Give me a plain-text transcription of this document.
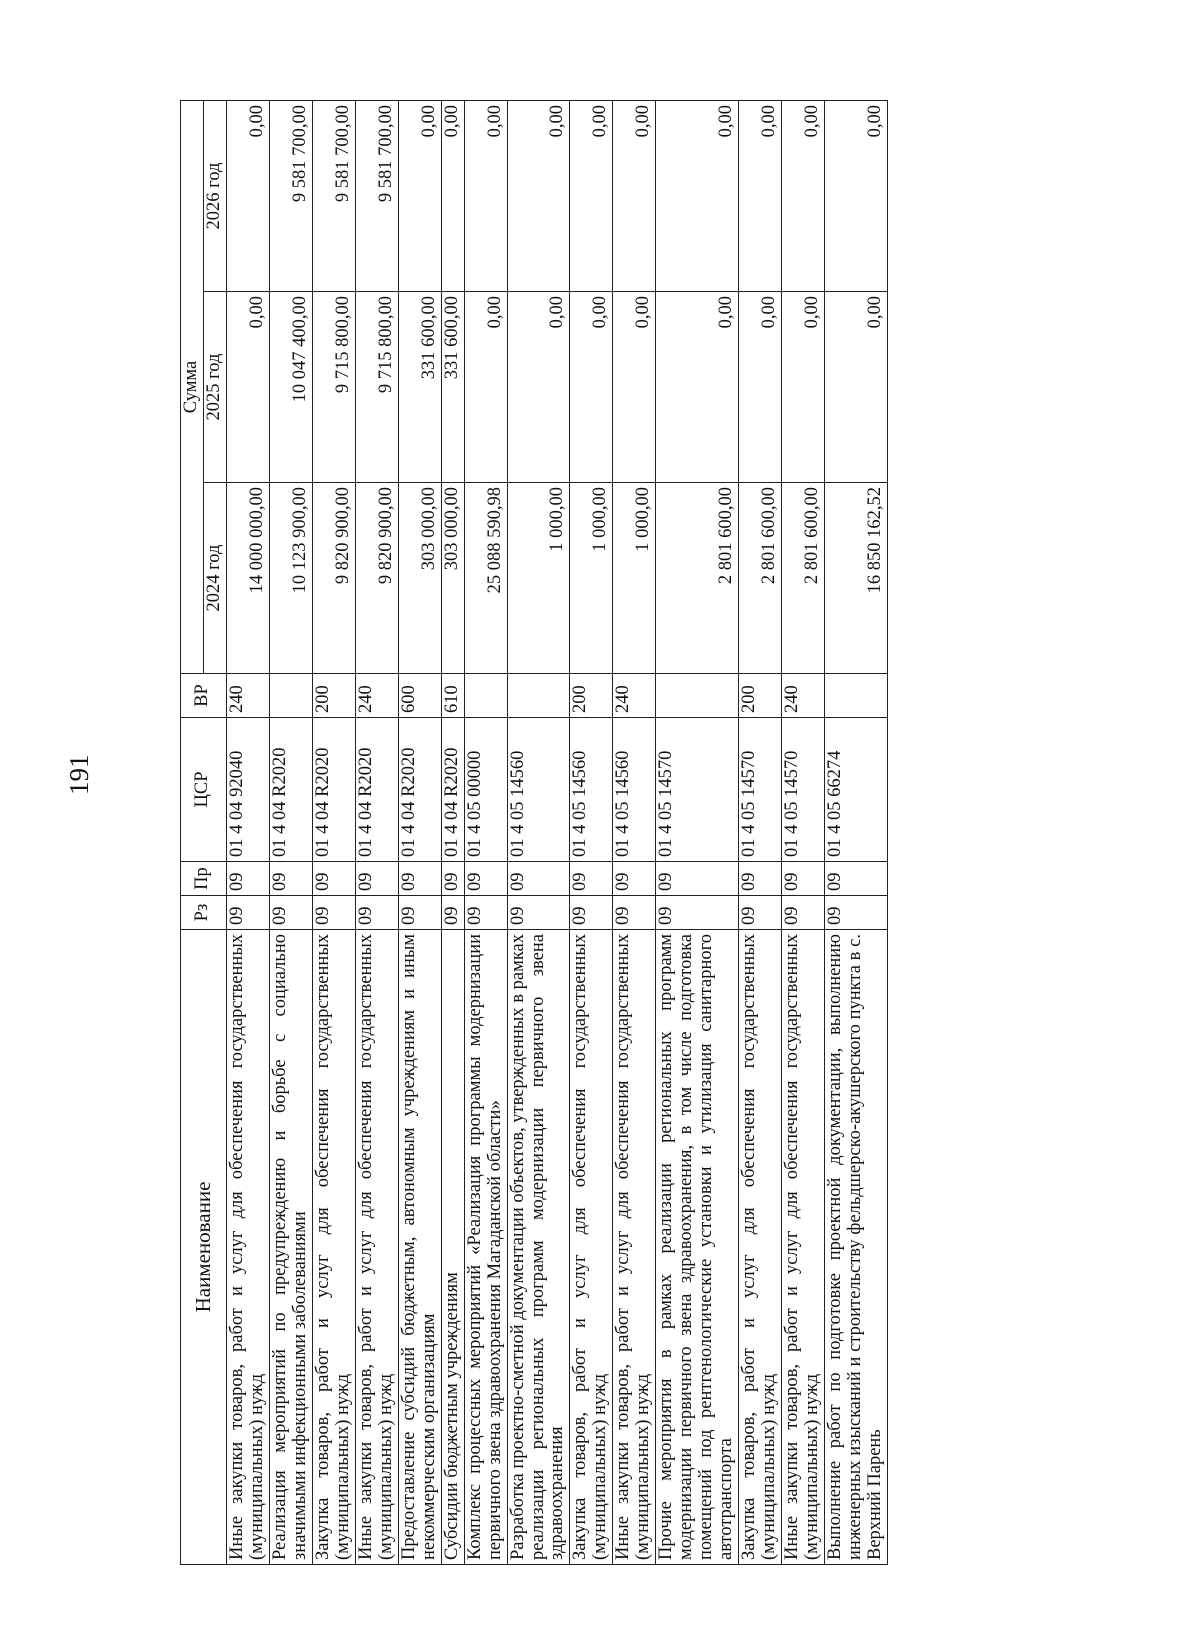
191
Наименование	Рз	Пр	ЦСР	ВР	Сумма		
					2024 год	2025 год	2026 год
Иные закупки товаров, работ и услуг для обеспечения государственных (муниципальных) нужд	09	09	01 4 04 92040	240	14 000 000,00	0,00	0,00
Реализация мероприятий по предупреждению и борьбе с социально значимыми инфекционными заболеваниями	09	09	01 4 04 R2020		10 123 900,00	10 047 400,00	9 581 700,00
Закупка товаров, работ и услуг для обеспечения государственных (муниципальных) нужд	09	09	01 4 04 R2020	200	9 820 900,00	9 715 800,00	9 581 700,00
Иные закупки товаров, работ и услуг для обеспечения государственных (муниципальных) нужд	09	09	01 4 04 R2020	240	9 820 900,00	9 715 800,00	9 581 700,00
Предоставление субсидий бюджетным, автономным учреждениям и иным некоммерческим организациям	09	09	01 4 04 R2020	600	303 000,00	331 600,00	0,00
Субсидии бюджетным учреждениям	09	09	01 4 04 R2020	610	303 000,00	331 600,00	0,00
Комплекс процессных мероприятий «Реализация программы модернизации первичного звена здравоохранения Магаданской области»	09	09	01 4 05 00000		25 088 590,98	0,00	0,00
Разработка проектно-сметной документации объектов, утвержденных в рамках реализации региональных программ модернизации первичного звена здравоохранения	09	09	01 4 05 14560		1 000,00	0,00	0,00
Закупка товаров, работ и услуг для обеспечения государственных (муниципальных) нужд	09	09	01 4 05 14560	200	1 000,00	0,00	0,00
Иные закупки товаров, работ и услуг для обеспечения государственных (муниципальных) нужд	09	09	01 4 05 14560	240	1 000,00	0,00	0,00
Прочие мероприятия в рамках реализации региональных программ модернизации первичного звена здравоохранения, в том числе подготовка помещений под рентгенологические установки и утилизация санитарного автотранспорта	09	09	01 4 05 14570		2 801 600,00	0,00	0,00
Закупка товаров, работ и услуг для обеспечения государственных (муниципальных) нужд	09	09	01 4 05 14570	200	2 801 600,00	0,00	0,00
Иные закупки товаров, работ и услуг для обеспечения государственных (муниципальных) нужд	09	09	01 4 05 14570	240	2 801 600,00	0,00	0,00
Выполнение работ по подготовке проектной документации, выполнению инженерных изысканий и строительству фельдшерско-акушерского пункта в с. Верхний Парень	09	09	01 4 05 66274		16 850 162,52	0,00	0,00
